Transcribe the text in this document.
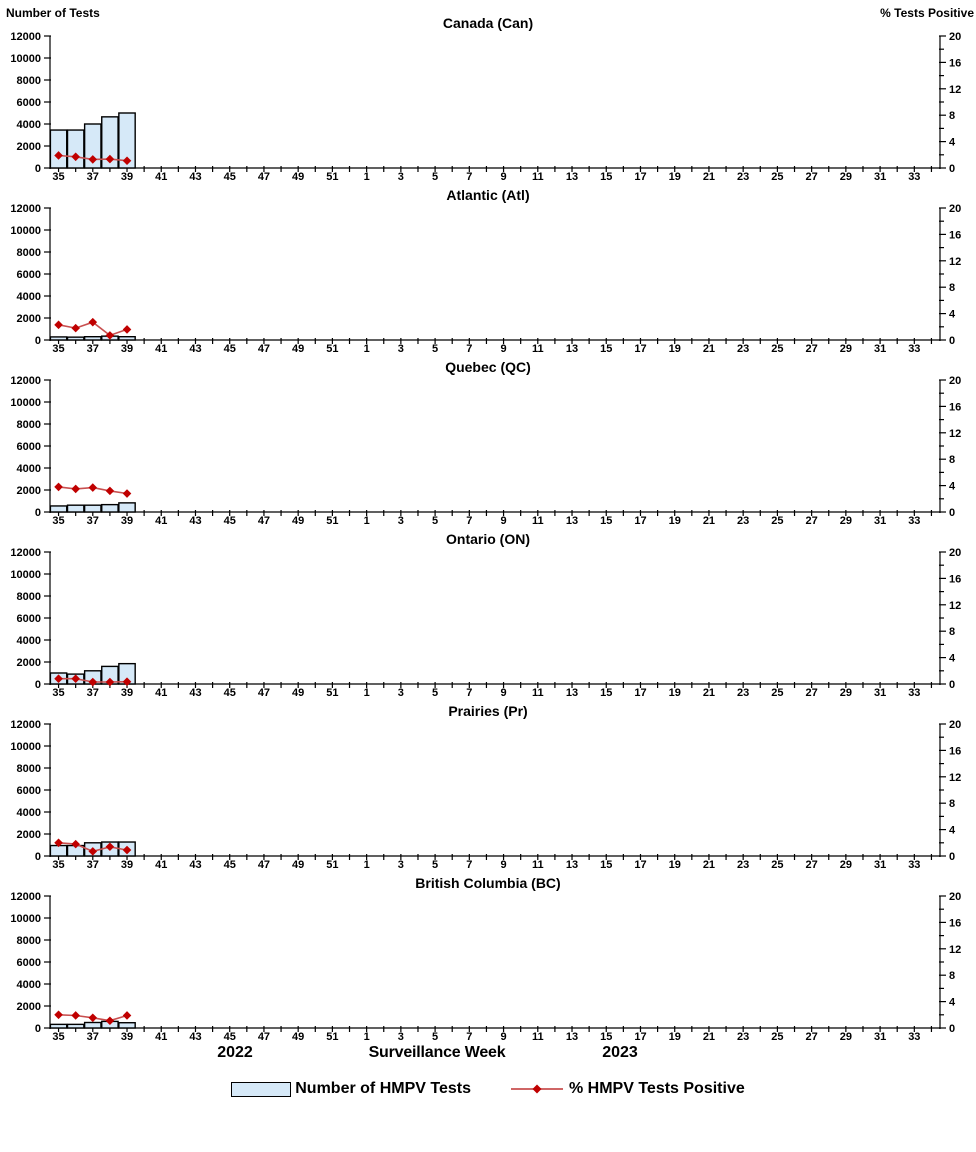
Number of Tests
Canada (Can)
% Tests Positive
0
2000
4000
6000
8000
10000
12000
0
4
8
12
16
20
35 37 39 41 43 45 47 49 51 1	3	5	7	9 11 13 15 17 19 21 23 25 27 29 31 33
Atlantic (Atl)
0
2000
4000
6000
8000
10000
12000
0
4
8
12
16
20
35 37 39 41 43 45 47 49 51 1	3	5	7	9 11 13 15 17 19 21 23 25 27 29 31 33
Quebec (QC)
0
2000
4000
6000
8000
10000
12000
0
4
8
12
16
20
35 37 39 41 43 45 47 49 51 1	3	5	7	9 11 13 15 17 19 21 23 25 27 29 31 33
Ontario (ON)
0
2000
4000
6000
8000
10000
12000
0
4
8
12
16
20
35 37 39 41 43 45 47 49 51 1	3	5	7	9 11 13 15 17 19 21 23 25 27 29 31 33
Prairies (Pr)
0
2000
4000
6000
8000
10000
12000
0
4
8
12
16
20
35 37 39 41 43 45 47 49 51 1	3	5	7	9 11 13 15 17 19 21 23 25 27 29 31 33
British Columbia (BC)
0
2000
4000
6000
8000
10000
12000
0
4
8
12
16
20
35 37 39 41 43 45 47 49 51 1	3	5	7	9 11 13 15 17 19 21 23 25 27 29 31 33
2022	Surveillance Week	2023
Number of HMPV Tests	% HMPV Tests Positive
